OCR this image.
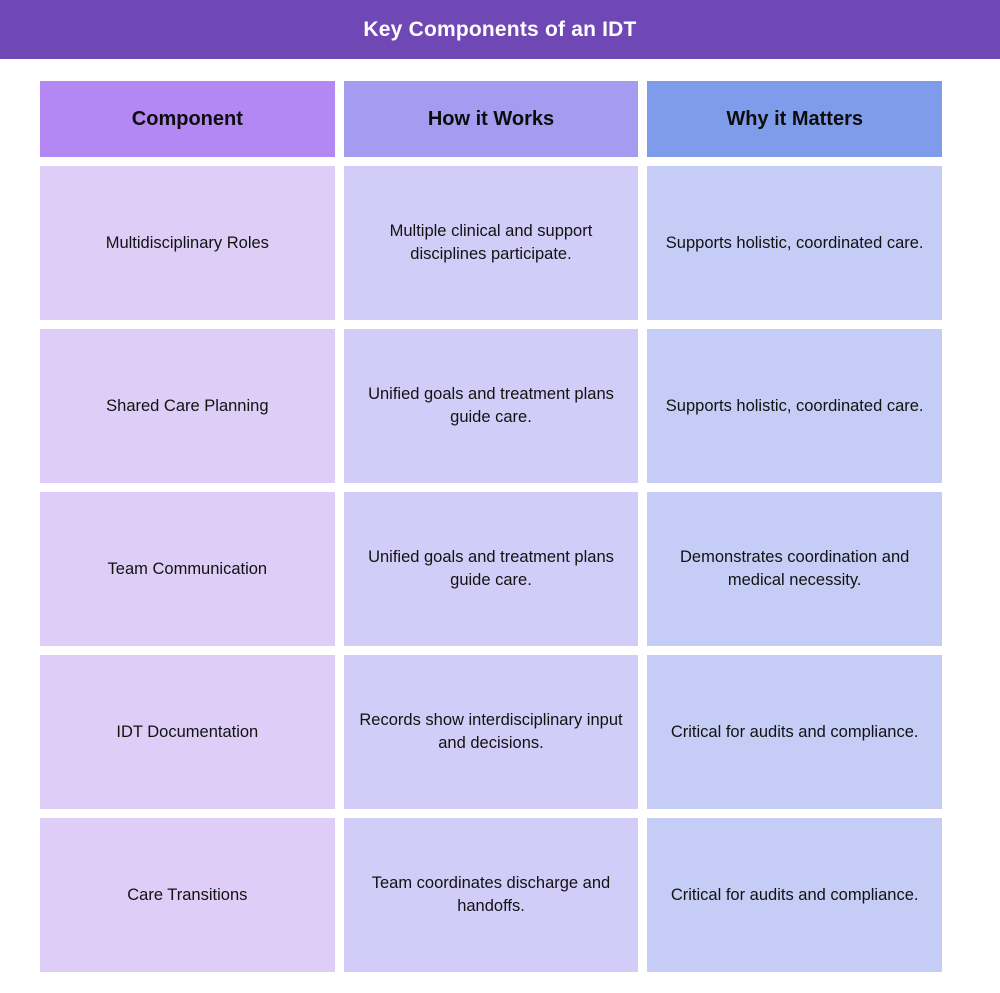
Key Components of an IDT
Component	How it Works	Why it Matters
Multidisciplinary Roles	Multiple clinical and support disciplines participate.	Supports holistic, coordinated care.
Shared Care Planning	Unified goals and treatment plans guide care.	Supports holistic, coordinated care.
Team Communication	Unified goals and treatment plans guide care.	Demonstrates coordination and medical necessity.
IDT Documentation	Records show interdisciplinary input and decisions.	Critical for audits and compliance.
Care Transitions	Team coordinates discharge and handoffs.	Critical for audits and compliance.
